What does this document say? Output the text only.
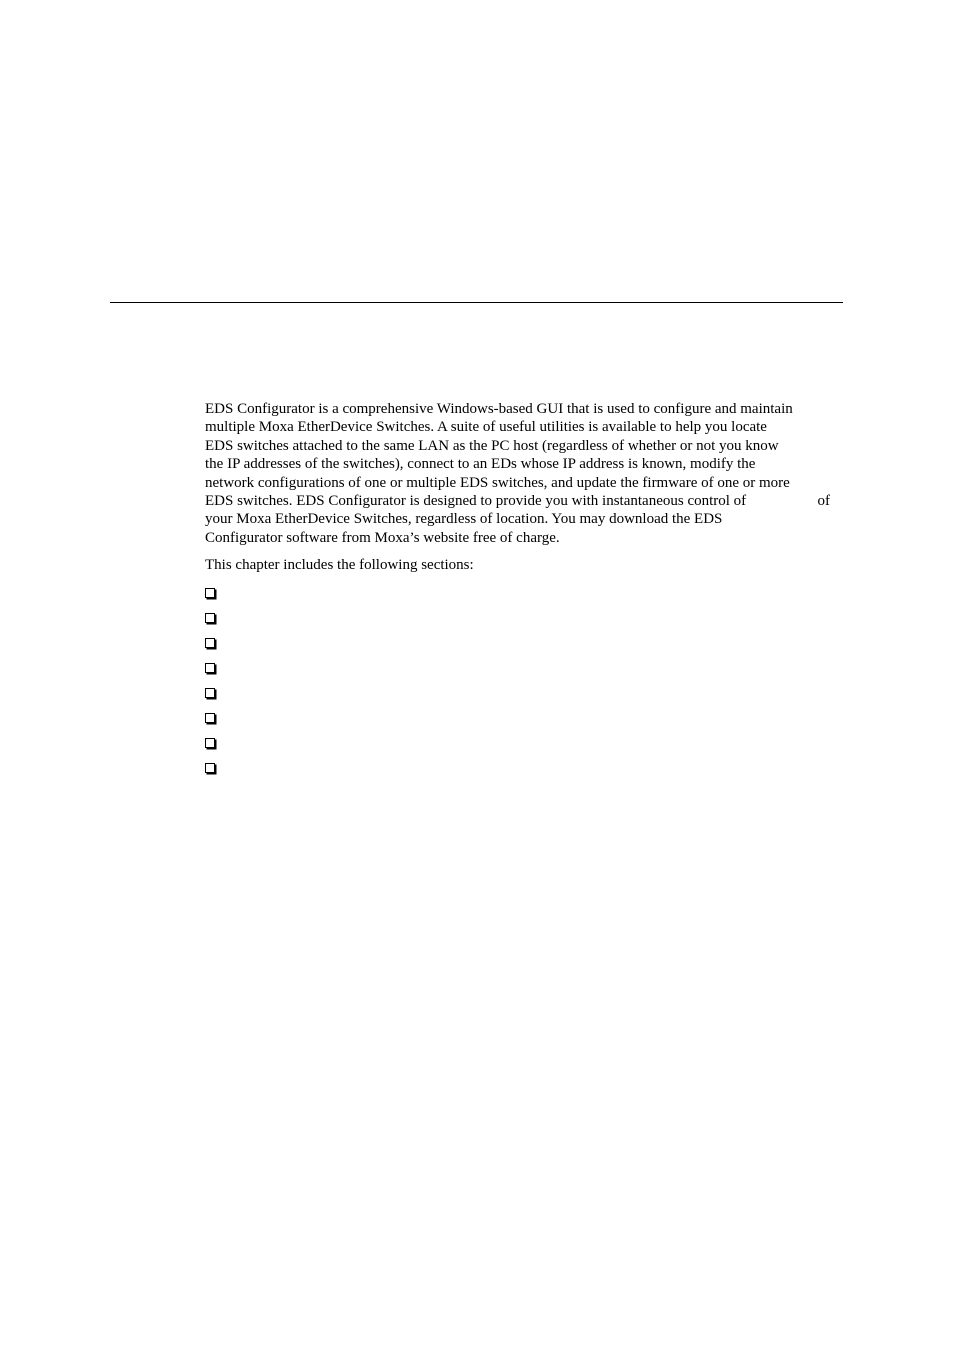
EDS Configurator is a comprehensive Windows-based GUI that is used to configure and maintain
multiple Moxa EtherDevice Switches. A suite of useful utilities is available to help you locate
EDS switches attached to the same LAN as the PC host (regardless of whether or not you know
the IP addresses of the switches), connect to an EDs whose IP address is known, modify the
network configurations of one or multiple EDS switches, and update the firmware of one or more
EDS switches. EDS Configurator is designed to provide you with instantaneous control of	of
your Moxa EtherDevice Switches, regardless of location. You may download the EDS
Configurator software from Moxa’s website free of charge.
This chapter includes the following sections:
